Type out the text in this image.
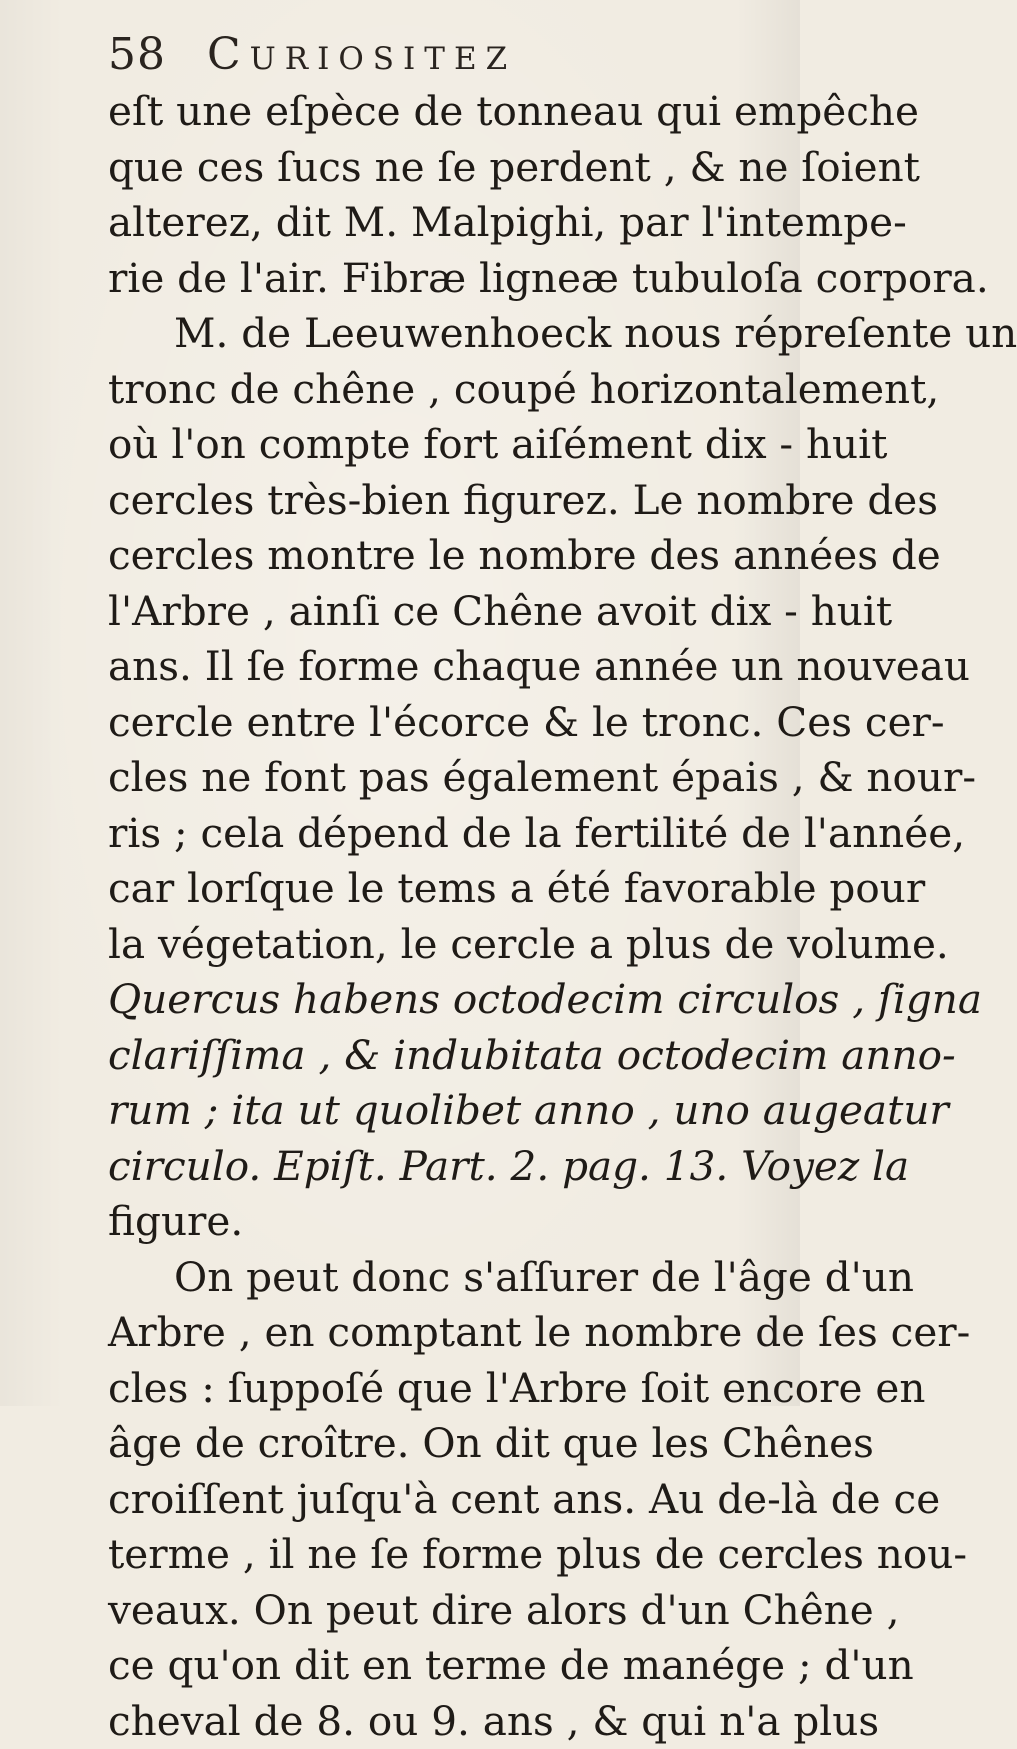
58 Curiositez
eſt une eſpèce de tonneau qui empêche
que ces ſucs ne ſe perdent , & ne ſoient
alterez, dit M. Malpighi, par l'intempe-
rie de l'air. Fibræ ligneæ tubuloſa corpora.
M. de Leeuwenhoeck nous répreſente un
tronc de chêne , coupé horizontalement,
où l'on compte fort aiſément dix - huit
cercles très-bien figurez. Le nombre des
cercles montre le nombre des années de
l'Arbre , ainſi ce Chêne avoit dix - huit
ans. Il ſe forme chaque année un nouveau
cercle entre l'écorce & le tronc. Ces cer-
cles ne font pas également épais , & nour-
ris ; cela dépend de la fertilité de l'année,
car lorſque le tems a été favorable pour
la végetation, le cercle a plus de volume.
Quercus habens octodecim circulos , ſigna
clariſſima , & indubitata octodecim anno-
rum ; ita ut quolibet anno , uno augeatur
circulo. Epiſt. Part. 2. pag. 13. Voyez la
figure.
On peut donc s'aſſurer de l'âge d'un
Arbre , en comptant le nombre de ſes cer-
cles : ſuppoſé que l'Arbre ſoit encore en
âge de croître. On dit que les Chênes
croiſſent juſqu'à cent ans. Au de-là de ce
terme , il ne ſe forme plus de cercles nou-
veaux. On peut dire alors d'un Chêne ,
ce qu'on dit en terme de manége ; d'un
cheval de 8. ou 9. ans , & qui n'a plus
